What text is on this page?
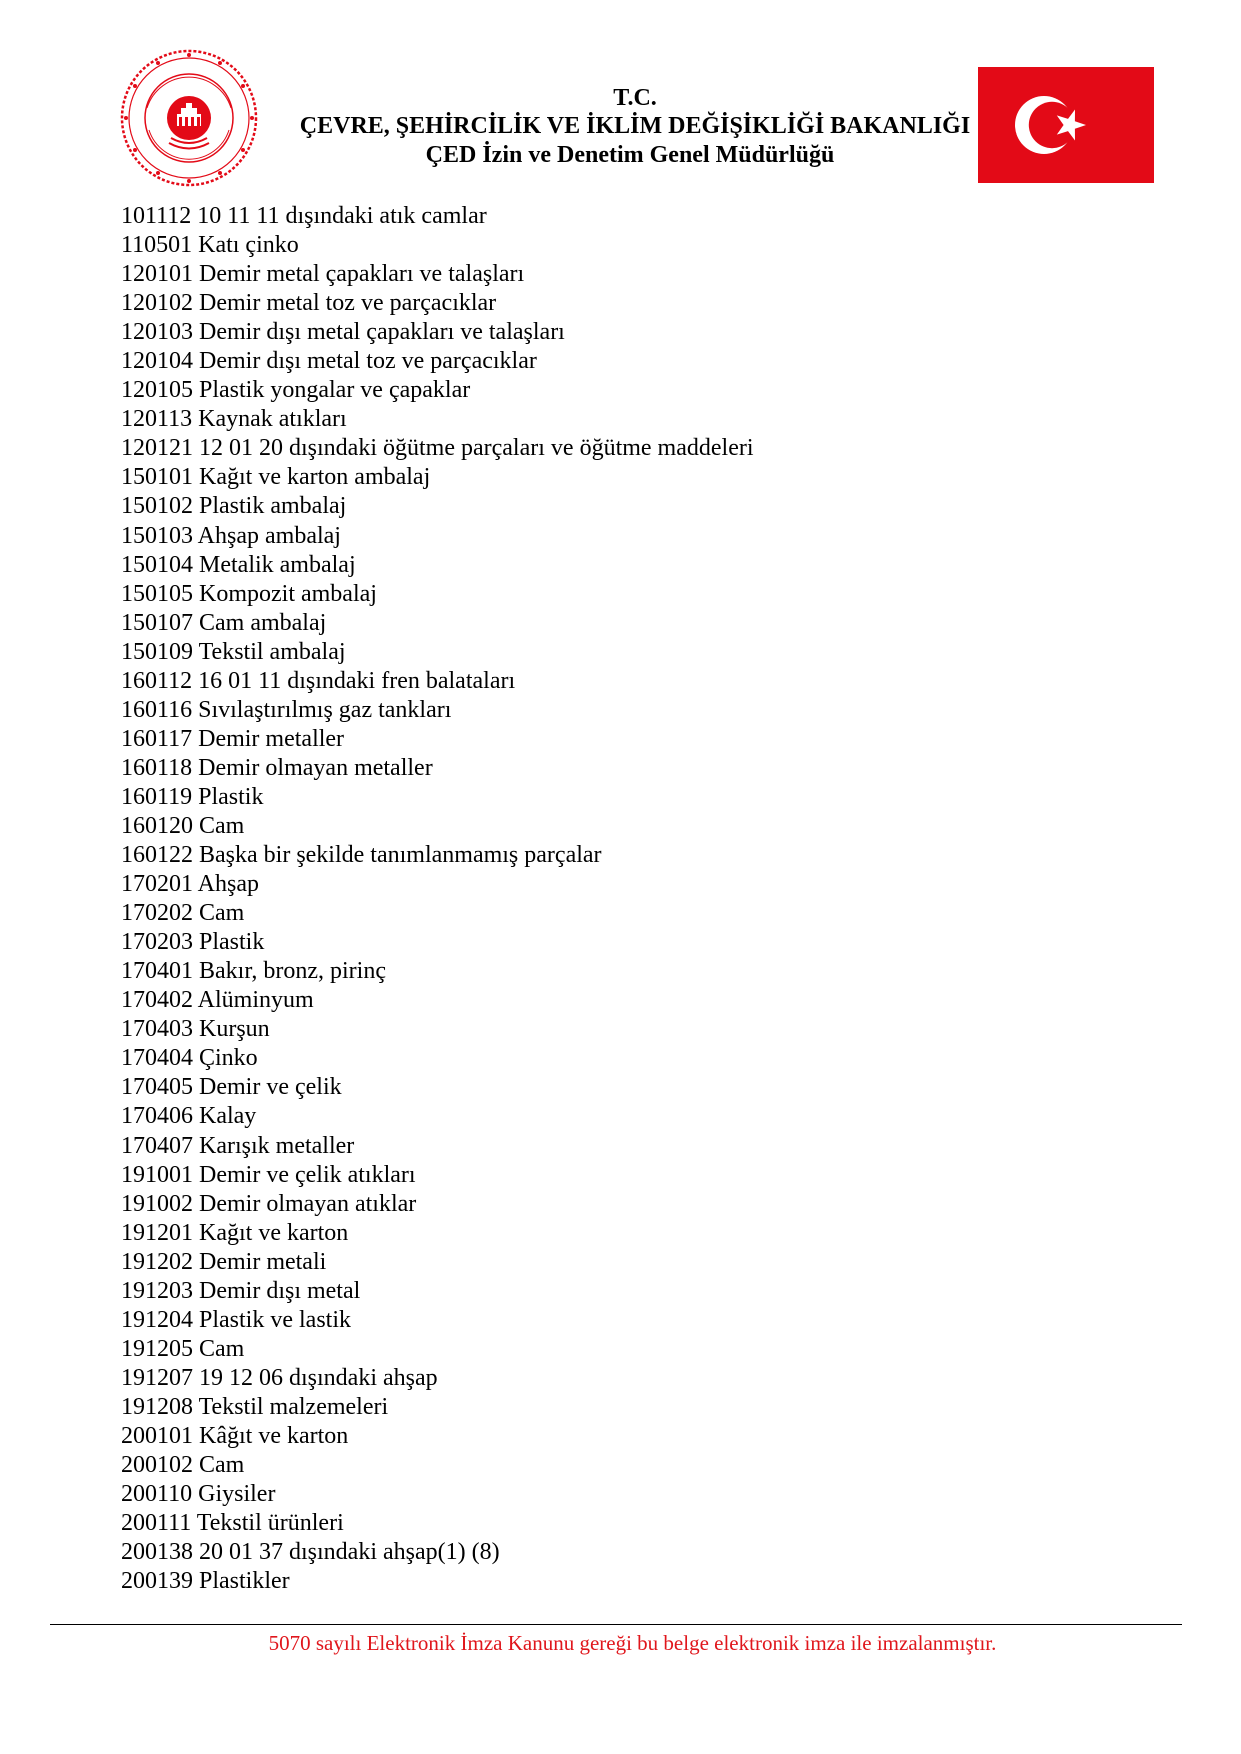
T.C.
ÇEVRE, ŞEHİRCİLİK VE İKLİM DEĞİŞİKLİĞİ BAKANLIĞI
ÇED İzin ve Denetim Genel Müdürlüğü
101112 10 11 11 dışındaki atık camlar
110501 Katı çinko
120101 Demir metal çapakları ve talaşları
120102 Demir metal toz ve parçacıklar
120103 Demir dışı metal çapakları ve talaşları
120104 Demir dışı metal toz ve parçacıklar
120105 Plastik yongalar ve çapaklar
120113 Kaynak atıkları
120121 12 01 20 dışındaki öğütme parçaları ve öğütme maddeleri
150101 Kağıt ve karton ambalaj
150102 Plastik ambalaj
150103 Ahşap ambalaj
150104 Metalik ambalaj
150105 Kompozit ambalaj
150107 Cam ambalaj
150109 Tekstil ambalaj
160112 16 01 11 dışındaki fren balataları
160116 Sıvılaştırılmış gaz tankları
160117 Demir metaller
160118 Demir olmayan metaller
160119 Plastik
160120 Cam
160122 Başka bir şekilde tanımlanmamış parçalar
170201 Ahşap
170202 Cam
170203 Plastik
170401 Bakır, bronz, pirinç
170402 Alüminyum
170403 Kurşun
170404 Çinko
170405 Demir ve çelik
170406 Kalay
170407 Karışık metaller
191001 Demir ve çelik atıkları
191002 Demir olmayan atıklar
191201 Kağıt ve karton
191202 Demir metali
191203 Demir dışı metal
191204 Plastik ve lastik
191205 Cam
191207 19 12 06 dışındaki ahşap
191208 Tekstil malzemeleri
200101 Kâğıt ve karton
200102 Cam
200110 Giysiler
200111 Tekstil ürünleri
200138 20 01 37 dışındaki ahşap(1) (8)
200139 Plastikler
5070 sayılı Elektronik İmza Kanunu gereği bu belge elektronik imza ile imzalanmıştır.
